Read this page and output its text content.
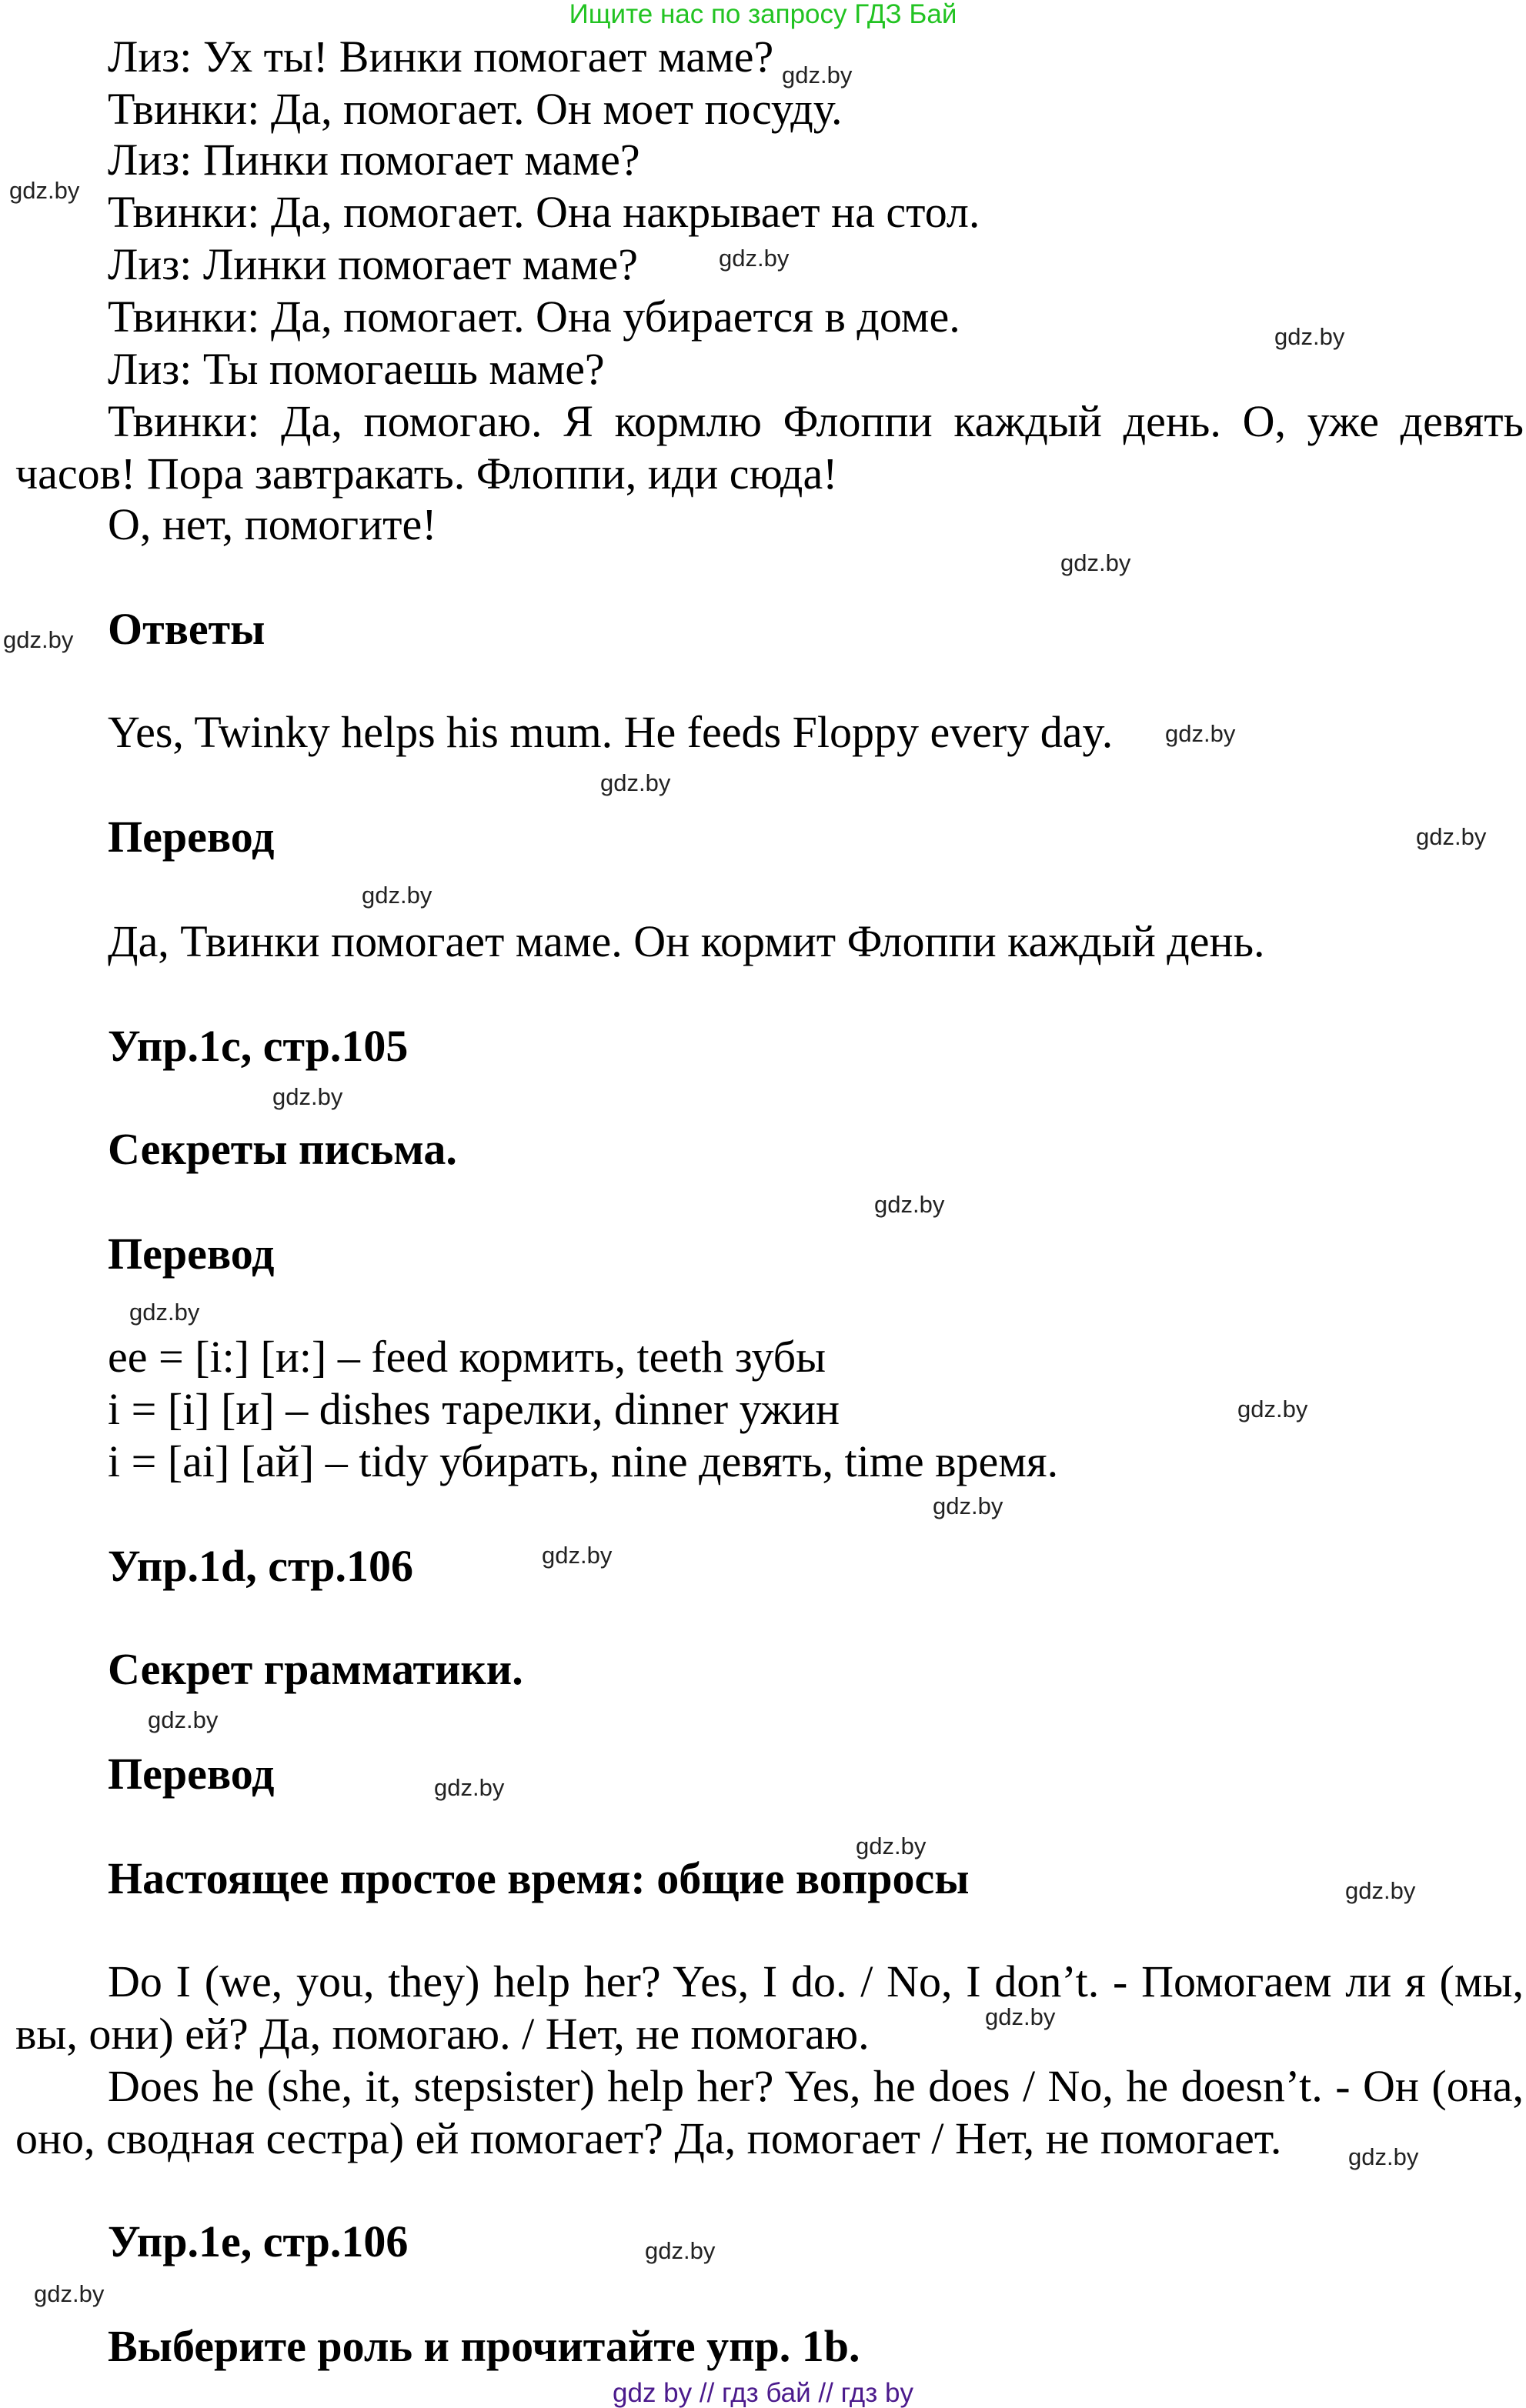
Ищите нас по запросу ГДЗ Бай
Лиз: Ух ты! Винки помогает маме?
Твинки: Да, помогает. Он моет посуду.
Лиз: Пинки помогает маме?
Твинки: Да, помогает. Она накрывает на стол.
Лиз: Линки помогает маме?
Твинки: Да, помогает. Она убирается в доме.
Лиз: Ты помогаешь маме?
Твинки: Да, помогаю. Я кормлю Флоппи каждый день. О, уже девять
часов! Пора завтракать. Флоппи, иди сюда!
О, нет, помогите!
Ответы
Yes, Twinky helps his mum. He feeds Floppy every day.
Перевод
Да, Твинки помогает маме. Он кормит Флоппи каждый день.
Упр.1с, стр.105
Секреты письма.
Перевод
ee = [i:] [и:] – feed кормить, teeth зубы
i = [i] [и] – dishes тарелки, dinner ужин
i = [ai] [ай] – tidy убирать, nine девять, time время.
Упр.1d, стр.106
Секрет грамматики.
Перевод
Настоящее простое время: общие вопросы
Do I (we, you, they) help her? Yes, I do. / No, I don’t. - Помогаем ли я (мы,
вы, они) ей? Да, помогаю. / Нет, не помогаю.
Does he (she, it, stepsister) help her? Yes, he does / No, he doesn’t. - Он (она,
оно, сводная сестра) ей помогает? Да, помогает / Нет, не помогает.
Упр.1е, стр.106
Выберите роль и прочитайте упр. 1b.
gdz by // гдз бай // гдз by
gdz.by
gdz.by
gdz.by
gdz.by
gdz.by
gdz.by
gdz.by
gdz.by
gdz.by
gdz.by
gdz.by
gdz.by
gdz.by
gdz.by
gdz.by
gdz.by
gdz.by
gdz.by
gdz.by
gdz.by
gdz.by
gdz.by
gdz.by
gdz.by
